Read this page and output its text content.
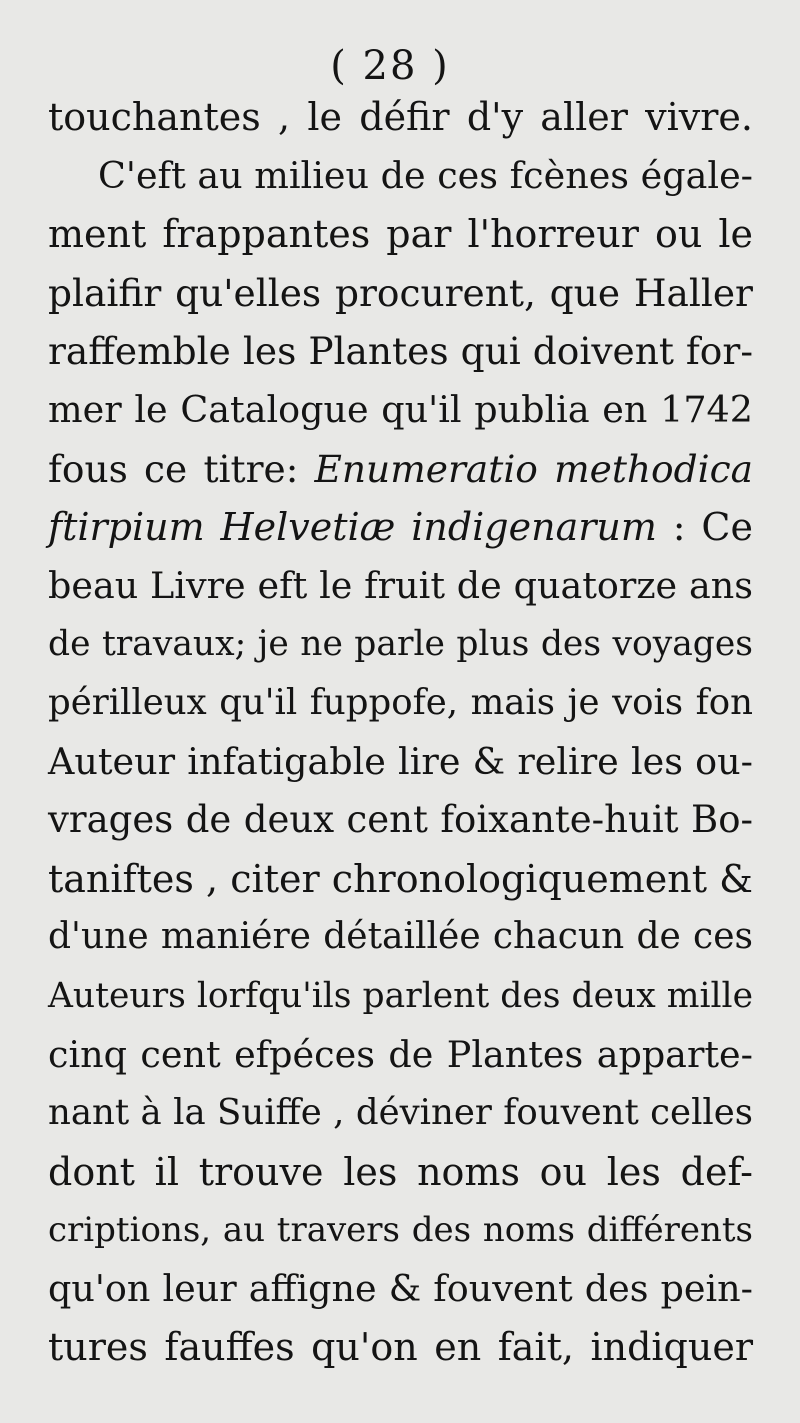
( 28 )
touchantes , le défir d'y aller vivre.
C'eft au milieu de ces fcènes égale-
ment frappantes par l'horreur ou le
plaifir qu'elles procurent, que Haller
raffemble les Plantes qui doivent for-
mer le Catalogue qu'il publia en 1742
fous ce titre: Enumeratio methodica
ftirpium Helvetiæ indigenarum : Ce
beau Livre eft le fruit de quatorze ans
de travaux; je ne parle plus des voyages
périlleux qu'il fuppofe, mais je vois fon
Auteur infatigable lire & relire les ou-
vrages de deux cent foixante-huit Bo-
taniftes , citer chronologiquement &
d'une maniére détaillée chacun de ces
Auteurs lorfqu'ils parlent des deux mille
cinq cent efpéces de Plantes apparte-
nant à la Suiffe , déviner fouvent celles
dont il trouve les noms ou les def-
criptions, au travers des noms différents
qu'on leur affigne & fouvent des pein-
tures fauffes qu'on en fait, indiquer
